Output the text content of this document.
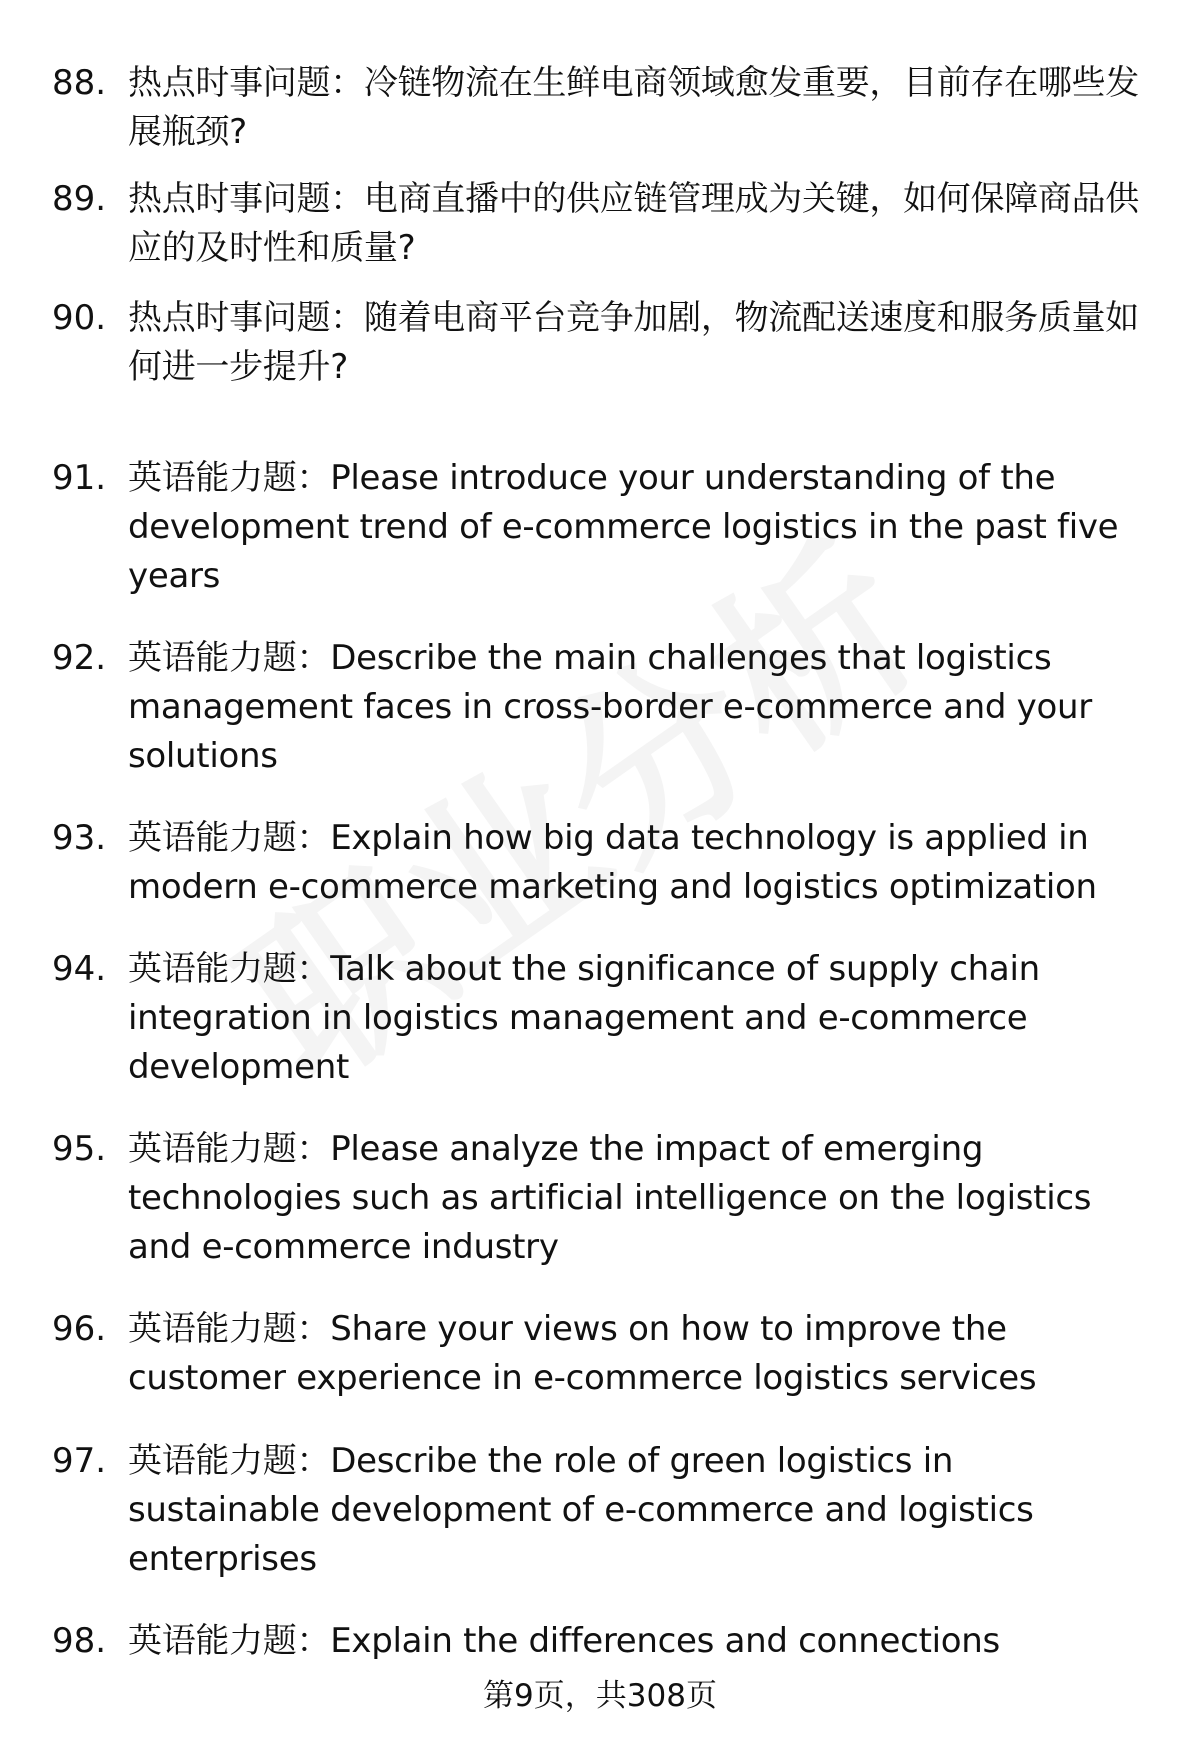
88. 热点时事问题：冷链物流在生鲜电商领域愈发重要，目前存在哪些发展瓶颈?
89. 热点时事问题：电商直播中的供应链管理成为关键，如何保障商品供应的及时性和质量?
90. 热点时事问题：随着电商平台竞争加剧，物流配送速度和服务质量如何进一步提升?
91. 英语能力题：Please introduce your understanding of the development trend of e-commerce logistics in the past five years
92. 英语能力题：Describe the main challenges that logistics management faces in cross-border e-commerce and your solutions
93. 英语能力题：Explain how big data technology is applied in modern e-commerce marketing and logistics optimization
94. 英语能力题：Talk about the significance of supply chain integration in logistics management and e-commerce development
95. 英语能力题：Please analyze the impact of emerging technologies such as artificial intelligence on the logistics and e-commerce industry
96. 英语能力题：Share your views on how to improve the customer experience in e-commerce logistics services
97. 英语能力题：Describe the role of green logistics in sustainable development of e-commerce and logistics enterprises
98. 英语能力题：Explain the differences and connections
第9页，共308页
